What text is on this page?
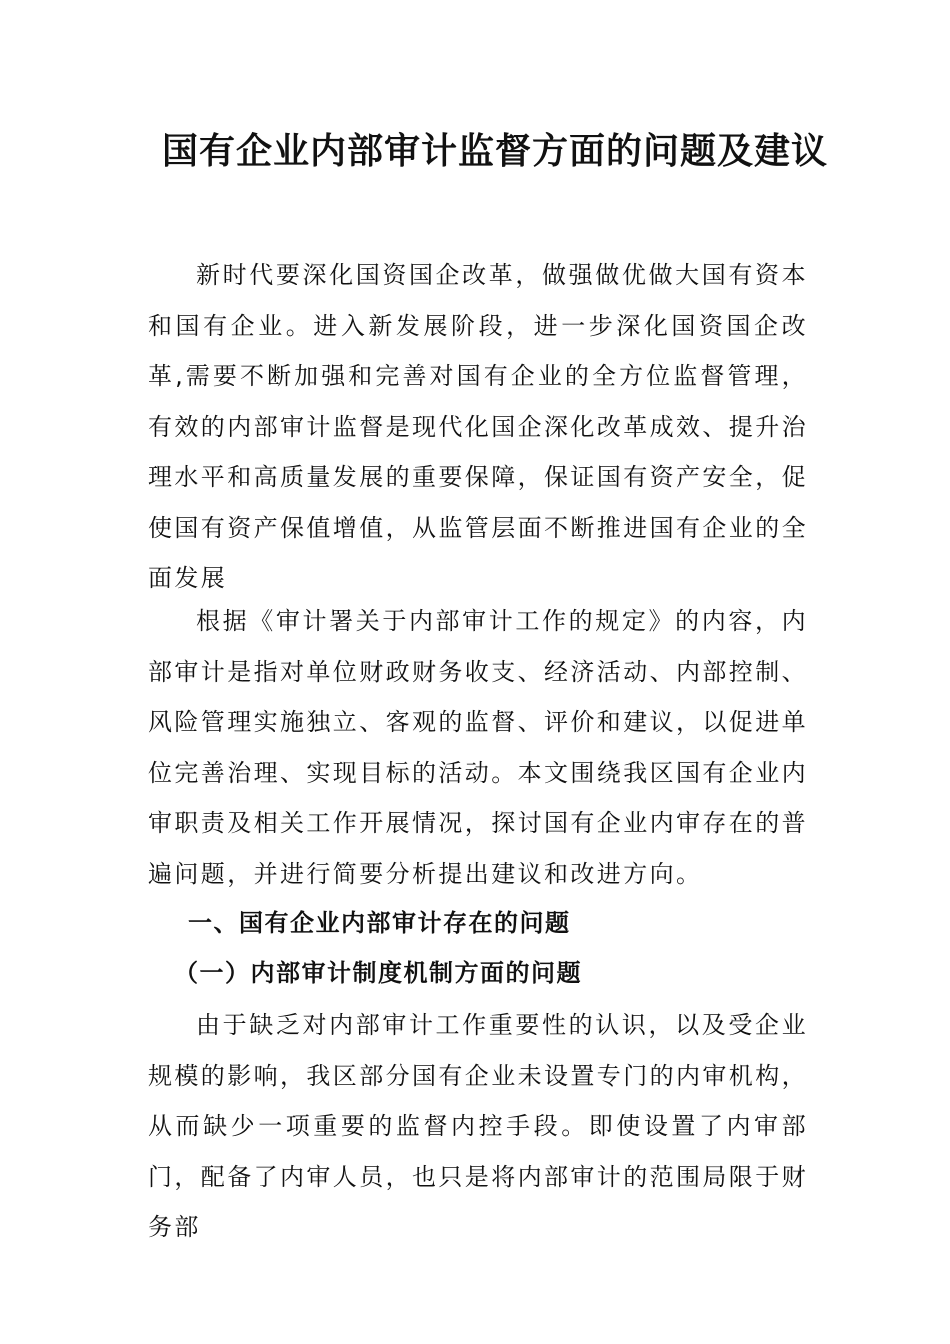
国有企业内部审计监督方面的问题及建议
新时代要深化国资国企改革，做强做优做大国有资本和国有企业。进入新发展阶段，进一步深化国资国企改革,需要不断加强和完善对国有企业的全方位监督管理，有效的内部审计监督是现代化国企深化改革成效、提升治理水平和高质量发展的重要保障，保证国有资产安全，促使国有资产保值增值，从监管层面不断推进国有企业的全面发展
根据《审计署关于内部审计工作的规定》的内容，内部审计是指对单位财政财务收支、经济活动、内部控制、风险管理实施独立、客观的监督、评价和建议，以促进单位完善治理、实现目标的活动。本文围绕我区国有企业内审职责及相关工作开展情况，探讨国有企业内审存在的普遍问题，并进行简要分析提出建议和改进方向。
一、国有企业内部审计存在的问题
（一）内部审计制度机制方面的问题
由于缺乏对内部审计工作重要性的认识，以及受企业规模的影响，我区部分国有企业未设置专门的内审机构，从而缺少一项重要的监督内控手段。即使设置了内审部门，配备了内审人员，也只是将内部审计的范围局限于财务部
